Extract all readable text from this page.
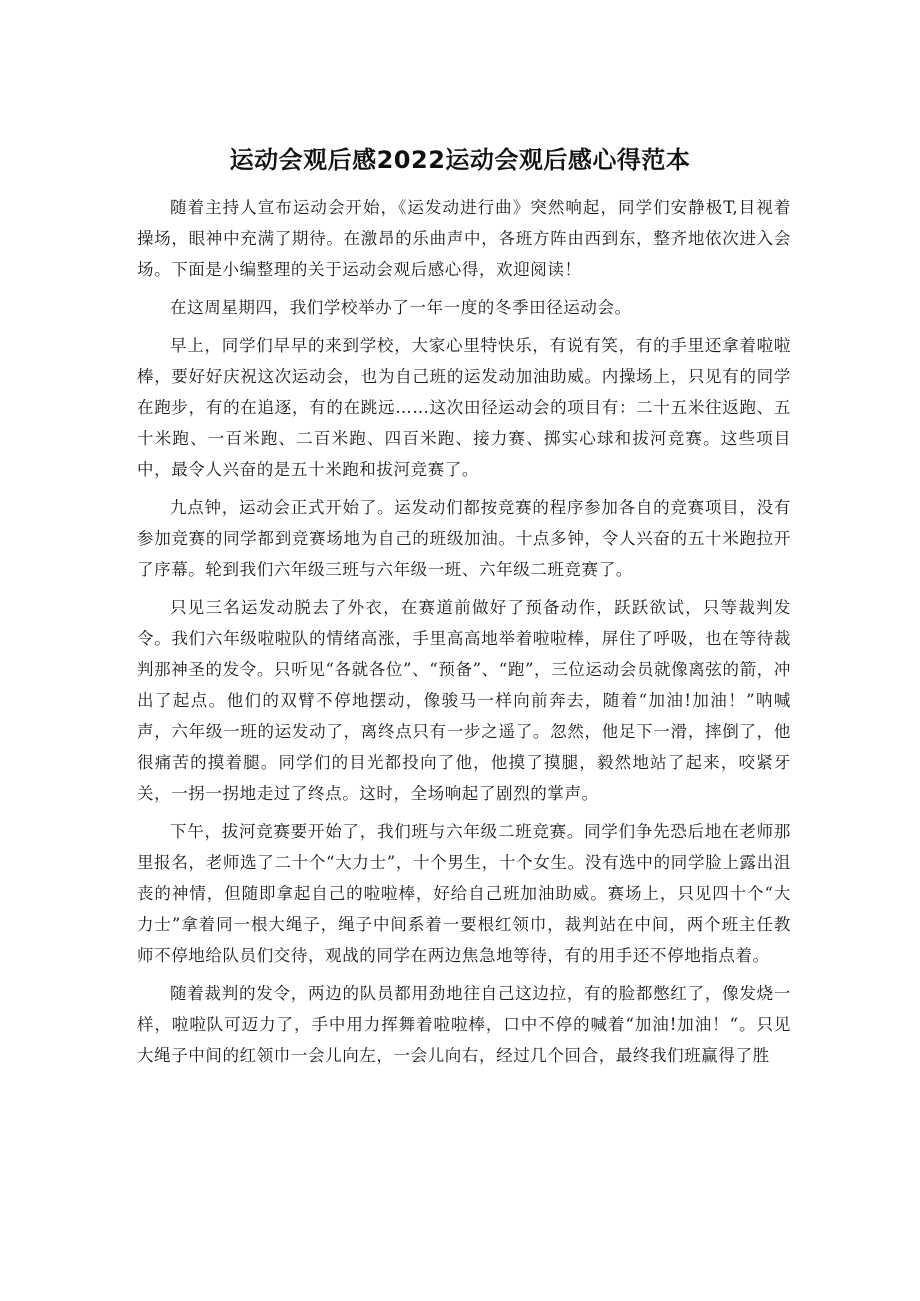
运动会观后感2022运动会观后感心得范本

随着主持人宣布运动会开始，《运发动进行曲》突然响起，同学们安静极T,目视着操场，眼神中充满了期待。在激昂的乐曲声中，各班方阵由西到东，整齐地依次进入会场。下面是小编整理的关于运动会观后感心得，欢迎阅读！

在这周星期四，我们学校举办了一年一度的冬季田径运动会。

早上，同学们早早的来到学校，大家心里特快乐，有说有笑，有的手里还拿着啦啦棒，要好好庆祝这次运动会，也为自己班的运发动加油助威。内操场上，只见有的同学在跑步，有的在追逐，有的在跳远……这次田径运动会的项目有：二十五米往返跑、五十米跑、一百米跑、二百米跑、四百米跑、接力赛、掷实心球和拔河竞赛。这些项目中，最令人兴奋的是五十米跑和拔河竞赛了。

九点钟，运动会正式开始了。运发动们都按竞赛的程序参加各自的竞赛项目，没有参加竞赛的同学都到竞赛场地为自己的班级加油。十点多钟，令人兴奋的五十米跑拉开了序幕。轮到我们六年级三班与六年级一班、六年级二班竞赛了。

只见三名运发动脱去了外衣，在赛道前做好了预备动作，跃跃欲试，只等裁判发令。我们六年级啦啦队的情绪高涨，手里高高地举着啦啦棒，屏住了呼吸，也在等待裁判那神圣的发令。只听见“各就各位”、“预备”、“跑”，三位运动会员就像离弦的箭，冲出了起点。他们的双臂不停地摆动，像骏马一样向前奔去，随着“加油!加油！”呐喊声，六年级一班的运发动了，离终点只有一步之遥了。忽然，他足下一滑，摔倒了，他很痛苦的摸着腿。同学们的目光都投向了他，他摸了摸腿，毅然地站了起来，咬紧牙关，一拐一拐地走过了终点。这时，全场响起了剧烈的掌声。

下午，拔河竞赛要开始了，我们班与六年级二班竞赛。同学们争先恐后地在老师那里报名，老师选了二十个“大力士”，十个男生，十个女生。没有选中的同学脸上露出沮丧的神情，但随即拿起自己的啦啦棒，好给自己班加油助威。赛场上，只见四十个“大力士”拿着同一根大绳子，绳子中间系着一要根红领巾，裁判站在中间，两个班主任教师不停地给队员们交待，观战的同学在两边焦急地等待，有的用手还不停地指点着。

随着裁判的发令，两边的队员都用劲地往自己这边拉，有的脸都憋红了，像发烧一样，啦啦队可迈力了，手中用力挥舞着啦啦棒，口中不停的喊着“加油!加油！“。只见大绳子中间的红领巾一会儿向左，一会儿向右，经过几个回合，最终我们班赢得了胜
